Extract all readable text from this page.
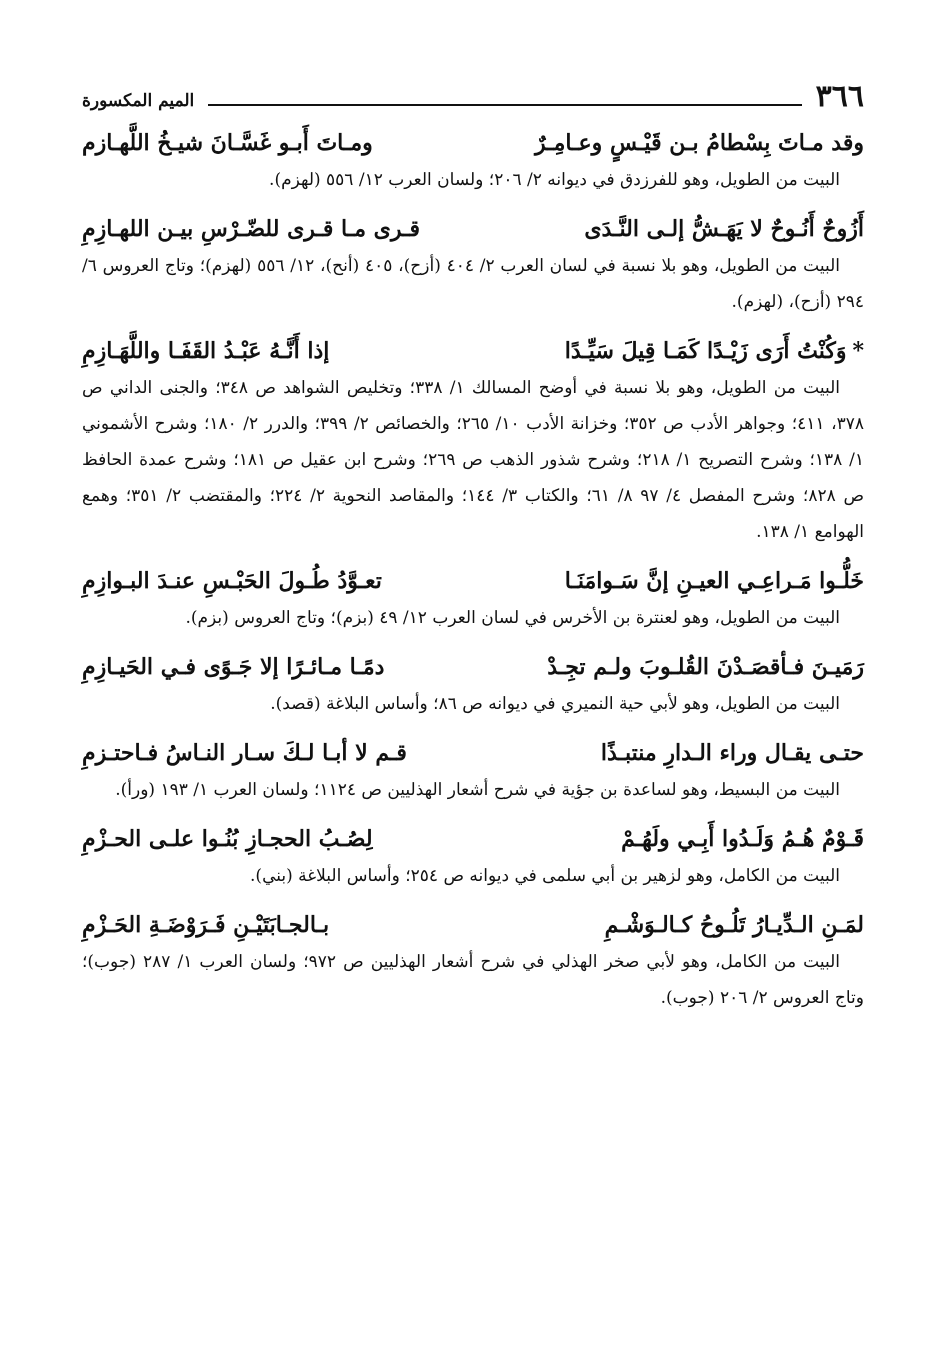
٣٦٦
الميم المكسورة
وقد مـاتَ بِسْطامُ بـن قَيْـسٍ وعـامِـرٌ
ومـاتَ أَبـو غَسَّـانَ شيـخُ اللَّهـازم

البيت من الطويل، وهو للفرزدق في ديوانه ٢/ ٢٠٦؛ ولسان العرب ١٢/ ٥٥٦ (لهزم).

أَزُوحٌ أَنُـوحٌ لا يَهَـشُّ إلـى النَّـدَى
قـرى مـا قـرى للضّـرْسِ بيـن اللهـازِمِ

البيت من الطويل، وهو بلا نسبة في لسان العرب ٢/ ٤٠٤ (أزح)، ٤٠٥ (أنح)، ١٢/ ٥٥٦ (لهزم)؛ وتاج العروس ٦/ ٢٩٤ (أزح)، (لهزم).

*وَكُنْتُ أَرَى زَيْـدًا كَمَـا قِيلَ سَيِّـدًا
إذا أَنَّـهُ عَبْـدُ القَفَـا واللَّهَـازِمِ

البيت من الطويل، وهو بلا نسبة في أوضح المسالك ١/ ٣٣٨؛ وتخليص الشواهد ص ٣٤٨؛ والجنى الداني ص ٣٧٨، ٤١١؛ وجواهر الأدب ص ٣٥٢؛ وخزانة الأدب ١٠/ ٢٦٥؛ والخصائص ٢/ ٣٩٩؛ والدرر ٢/ ١٨٠؛ وشرح الأشموني ١/ ١٣٨؛ وشرح التصريح ١/ ٢١٨؛ وشرح شذور الذهب ص ٢٦٩؛ وشرح ابن عقيل ص ١٨١؛ وشرح عمدة الحافظ ص ٨٢٨؛ وشرح المفصل ٤/ ٩٧ ٨/ ٦١؛ والكتاب ٣/ ١٤٤؛ والمقاصد النحوية ٢/ ٢٢٤؛ والمقتضب ٢/ ٣٥١؛ وهمع الهوامع ١/ ١٣٨.

خَلُّـوا مَـراعِـي العيـنِ إنَّ سَـوامَنَـا
تعـوَّدُ طُـولَ الحَبْـسِ عنـدَ البـوازِمِ

البيت من الطويل، وهو لعنترة بن الأخرس في لسان العرب ١٢/ ٤٩ (بزم)؛ وتاج العروس (بزم).

رَمَيـنَ فـأقصَـدْنَ القُلـوبَ ولـم تجِـدْ
دمًـا مـائـرًا إلا جَـوًى فـي الحَيـازِمِ

البيت من الطويل، وهو لأبي حية النميري في ديوانه ص ٨٦؛ وأساس البلاغة (قصد).

حتـى يقـال وراء الـدارِ منتبـذًا
قـم لا أبـا لـكَ سـار النـاسُ فـاحتـزمِ

البيت من البسيط، وهو لساعدة بن جؤية في شرح أشعار الهذليين ص ١١٢٤؛ ولسان العرب ١/ ١٩٣ (ورأ).

قَـوْمٌ هُـمُ وَلَـدُوا أَبِـي ولَهُـمْ
لِصُـبُ الحجـازِ بُنُـوا علـى الحـزْمِ

البيت من الكامل، وهو لزهير بن أبي سلمى في ديوانه ص ٢٥٤؛ وأساس البلاغة (بني).

لمَـنِ الـدِّيـارُ تَلُـوحُ كـالـوَشْـمِ
بـالجـابَتَيْـنِ فَـرَوْضَـةِ الحَـزْمِ

البيت من الكامل، وهو لأبي صخر الهذلي في شرح أشعار الهذليين ص ٩٧٢؛ ولسان العرب ١/ ٢٨٧ (جوب)؛ وتاج العروس ٢/ ٢٠٦ (جوب).
